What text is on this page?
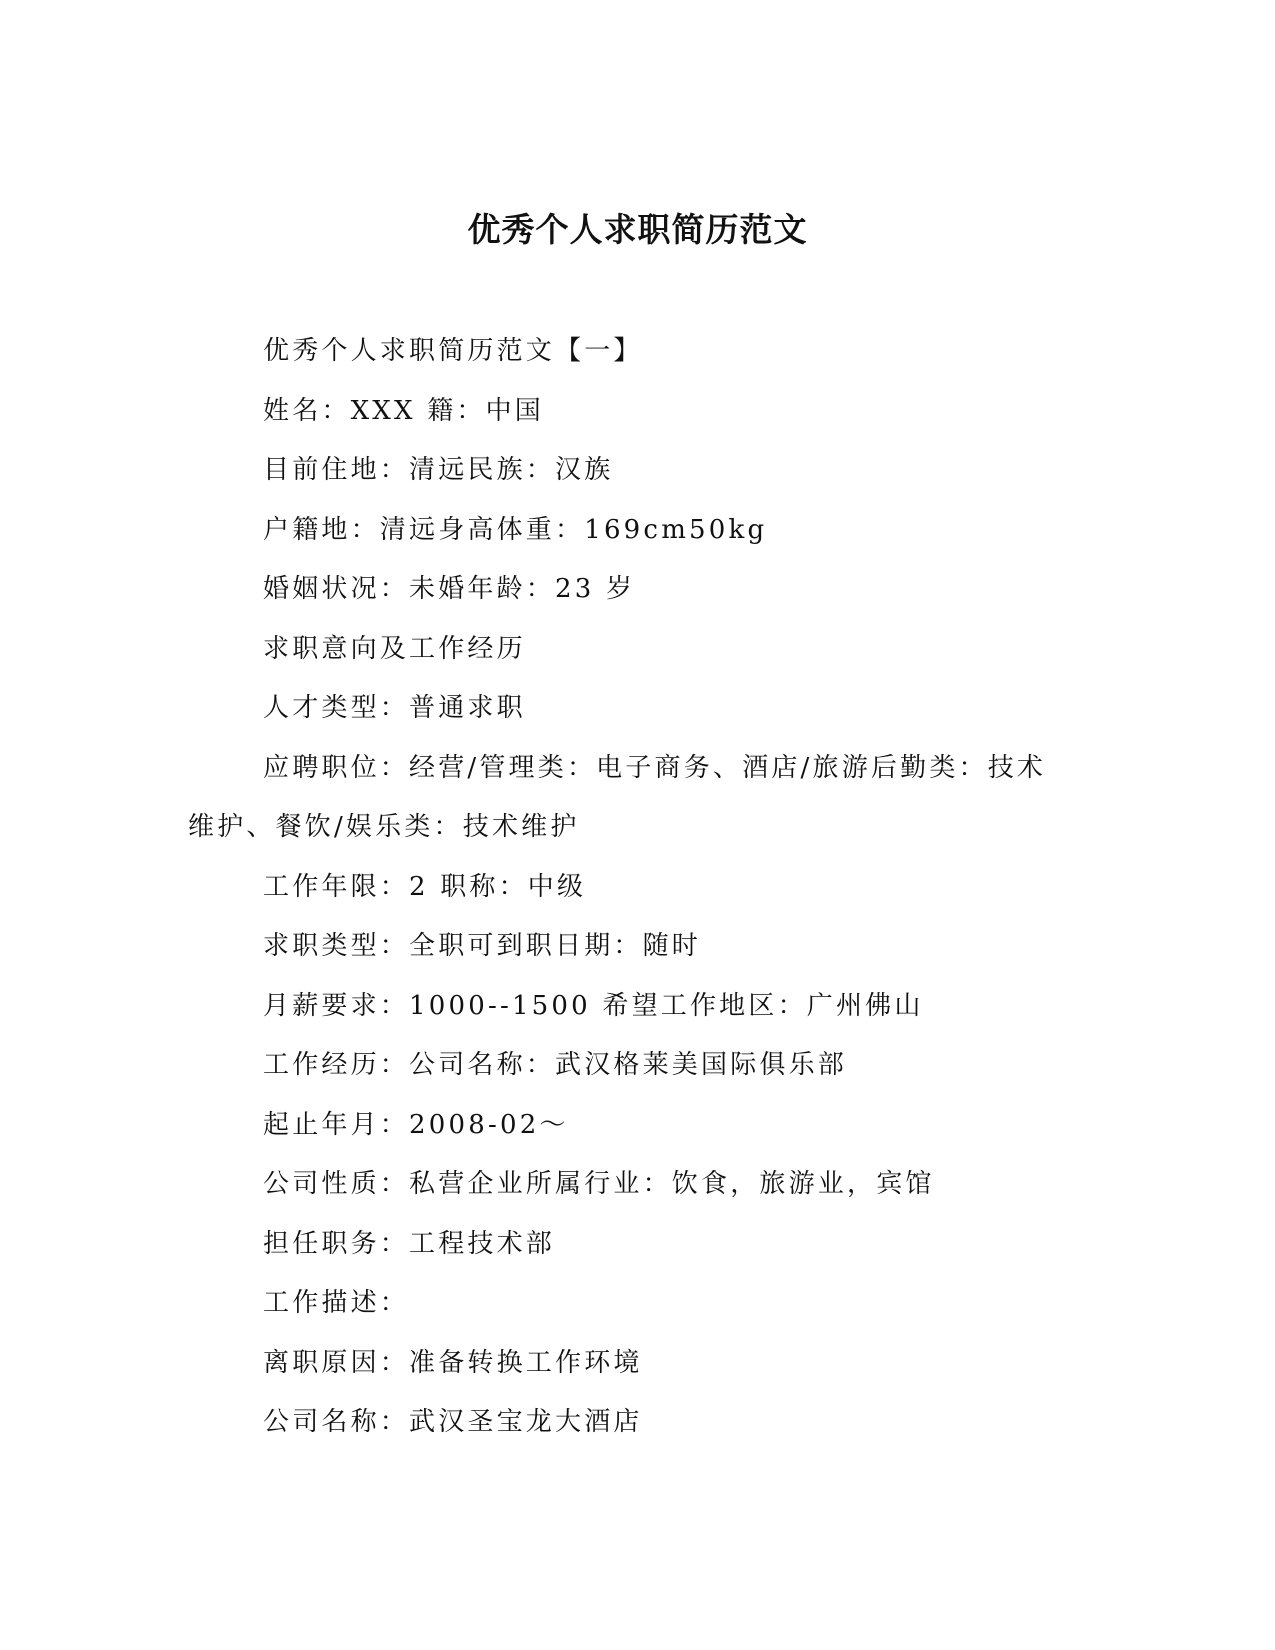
优秀个人求职简历范文

优秀个人求职简历范文【一】

姓名：XXX 籍：中国

目前住地：清远民族：汉族

户籍地：清远身高体重：169cm50kg

婚姻状况：未婚年龄：23 岁

求职意向及工作经历

人才类型：普通求职

应聘职位：经营/管理类：电子商务、酒店/旅游后勤类：技术维护、餐饮/娱乐类：技术维护

工作年限：2 职称：中级

求职类型：全职可到职日期：随时

月薪要求：1000--1500 希望工作地区：广州佛山

工作经历：公司名称：武汉格莱美国际俱乐部

起止年月：2008-02～

公司性质：私营企业所属行业：饮食，旅游业，宾馆

担任职务：工程技术部

工作描述：

离职原因：准备转换工作环境

公司名称：武汉圣宝龙大酒店
